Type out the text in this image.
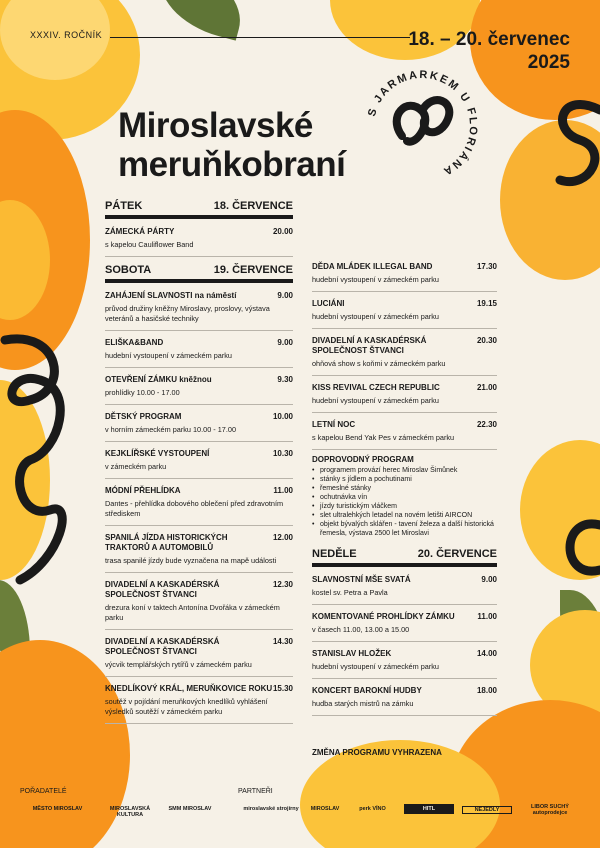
XXXIV. ROČNÍK	18. – 20. červenec
2025
Miroslavské
meruňkobraní
S JARMARKEM U FLORIÁNA
PÁTEK	18. ČERVENCE
ZÁMECKÁ PÁRTY	20.00
s kapelou Cauliflower Band
SOBOTA	19. ČERVENCE
ZAHÁJENÍ SLAVNOSTI na náměstí	9.00
průvod družiny kněžny Miroslavy, proslovy, výstava veteránů a hasičské techniky
ELIŠKA&BAND	9.00
hudební vystoupení v zámeckém parku
OTEVŘENÍ ZÁMKU kněžnou	9.30
prohlídky 10.00 - 17.00
DĚTSKÝ PROGRAM	10.00
v horním zámeckém parku 10.00 - 17.00
KEJKLÍŘSKÉ VYSTOUPENÍ	10.30
v zámeckém parku
MÓDNÍ PŘEHLÍDKA	11.00
Dantes - přehlídka dobového oblečení před zdravotním střediskem
SPANILÁ JÍZDA HISTORICKÝCH TRAKTORŮ A AUTOMOBILŮ
12.00
trasa spanilé jízdy bude vyznačena na mapě události
DIVADELNÍ A KASKADÉRSKÁ SPOLEČNOST ŠTVANCI
12.30
drezura koní v taktech Antonína Dvořáka v zámeckém parku
DIVADELNÍ A KASKADÉRSKÁ SPOLEČNOST ŠTVANCI
14.30
výcvik templářských rytířů v zámeckém parku
KNEDLÍKOVÝ KRÁL, MERUŇKOVICE ROKU 15.30
soutěž v pojídání meruňkových knedlíků vyhlášení výsledků soutěží v zámeckém parku
DĚDA MLÁDEK ILLEGAL BAND	17.30
hudební vystoupení v zámeckém parku
LUCIÁNI	19.15
hudební vystoupení v zámeckém parku
DIVADELNÍ A KASKADÉRSKÁ SPOLEČNOST ŠTVANCI
20.30
ohňová show s koňmi v zámeckém parku
KISS REVIVAL CZECH REPUBLIC	21.00
hudební vystoupení v zámeckém parku
LETNÍ NOC	22.30
s kapelou Bend Yak Pes v zámeckém parku
DOPROVODNÝ PROGRAM
• programem provází herec Miroslav Šimůnek
• stánky s jídlem a pochutinami
• řemeslné stánky
• ochutnávka vín
• jízdy turistickým vláčkem
• slet ultralehkých letadel na novém letišti AIRCON
• objekt bývalých sklářen - tavení železa a další historická řemesla, výstava 2500 let Miroslavi
NEDĚLE	20. ČERVENCE
SLAVNOSTNÍ MŠE SVATÁ	9.00
kostel sv. Petra a Pavla
KOMENTOVANÉ PROHLÍDKY ZÁMKU	11.00
v časech 11.00, 13.00 a 15.00
STANISLAV HLOŽEK	14.00
hudební vystoupení v zámeckém parku
KONCERT BAROKNÍ HUDBY	18.00
hudba starých mistrů na zámku
ZMĚNA PROGRAMU VYHRAZENA
POŘADATELÉ	PARTNEŘI
MĚSTO MIROSLAV	MIROSLAVSKÁ KULTURA
SMM MIROSLAV	miroslavské strojírny	MIROSLAV	perk VÍNO	HITL	NEJEDLY	LIBOR SUCHÝ autoprodejce
